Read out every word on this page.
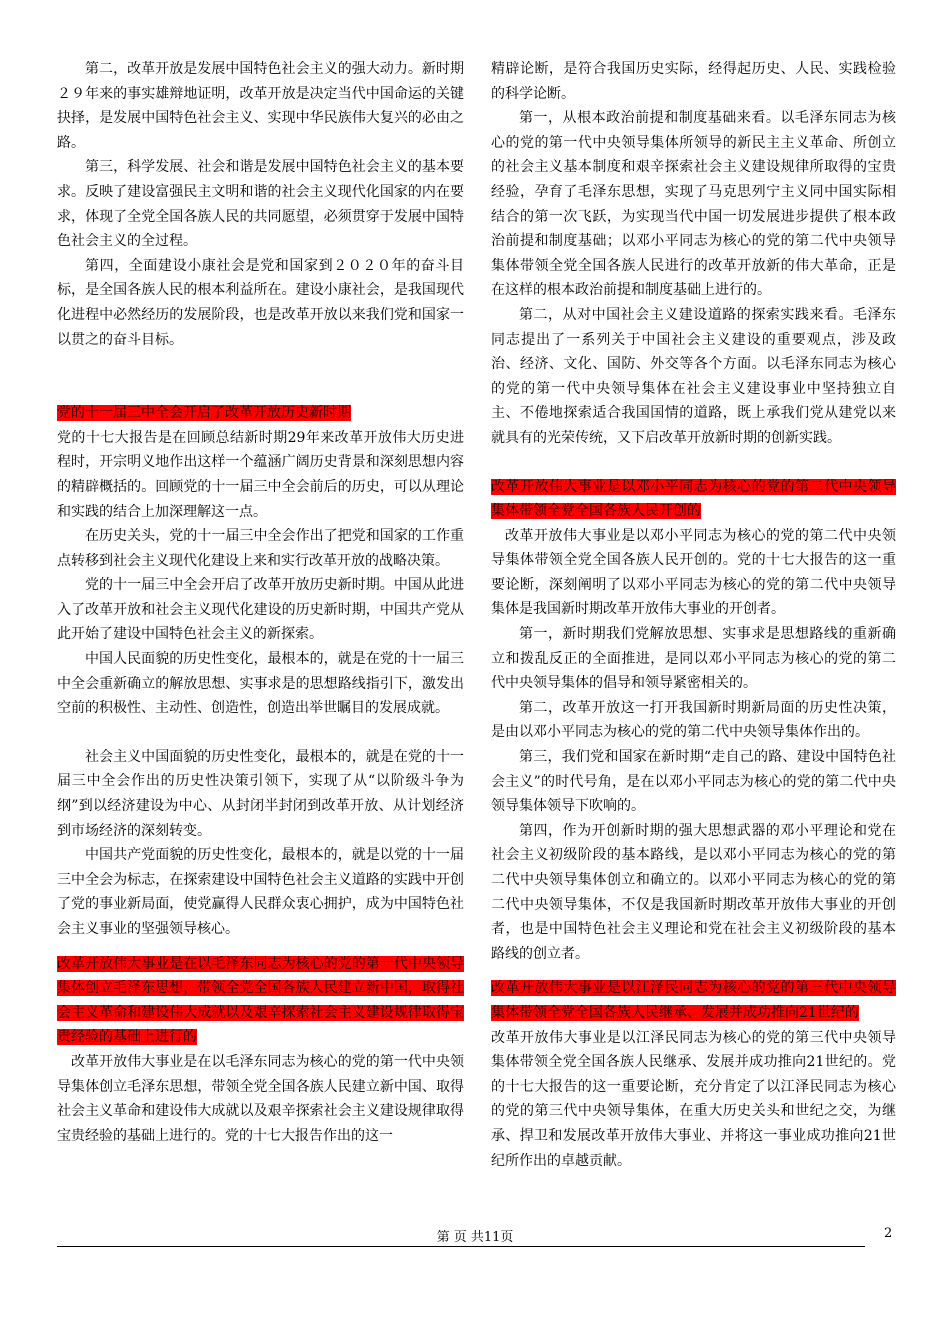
第二，改革开放是发展中国特色社会主义的强大动力。新时期２９年来的事实雄辩地证明，改革开放是决定当代中国命运的关键抉择，是发展中国特色社会主义、实现中华民族伟大复兴的必由之路。

第三，科学发展、社会和谐是发展中国特色社会主义的基本要求。反映了建设富强民主文明和谐的社会主义现代化国家的内在要求，体现了全党全国各族人民的共同愿望，必须贯穿于发展中国特色社会主义的全过程。

第四，全面建设小康社会是党和国家到２０２０年的奋斗目标，是全国各族人民的根本利益所在。建设小康社会，是我国现代化进程中必然经历的发展阶段，也是改革开放以来我们党和国家一以贯之的奋斗目标。

党的十一届三中全会开启了改革开放历史新时期

党的十七大报告是在回顾总结新时期29年来改革开放伟大历史进程时，开宗明义地作出这样一个蕴涵广阔历史背景和深刻思想内容的精辟概括的。回顾党的十一届三中全会前后的历史，可以从理论和实践的结合上加深理解这一点。

在历史关头，党的十一届三中全会作出了把党和国家的工作重点转移到社会主义现代化建设上来和实行改革开放的战略决策。

党的十一届三中全会开启了改革开放历史新时期。中国从此进入了改革开放和社会主义现代化建设的历史新时期，中国共产党从此开始了建设中国特色社会主义的新探索。

中国人民面貌的历史性变化，最根本的，就是在党的十一届三中全会重新确立的解放思想、实事求是的思想路线指引下，激发出空前的积极性、主动性、创造性，创造出举世瞩目的发展成就。

社会主义中国面貌的历史性变化，最根本的，就是在党的十一届三中全会作出的历史性决策引领下，实现了从“以阶级斗争为纲”到以经济建设为中心、从封闭半封闭到改革开放、从计划经济到市场经济的深刻转变。

中国共产党面貌的历史性变化，最根本的，就是以党的十一届三中全会为标志，在探索建设中国特色社会主义道路的实践中开创了党的事业新局面，使党赢得人民群众衷心拥护，成为中国特色社会主义事业的坚强领导核心。

改革开放伟大事业是在以毛泽东同志为核心的党的第一代中央领导集体创立毛泽东思想，带领全党全国各族人民建立新中国，取得社会主义革命和建设伟大成就以及艰辛探索社会主义建设规律取得宝贵经验的基础上进行的

改革开放伟大事业是在以毛泽东同志为核心的党的第一代中央领导集体创立毛泽东思想，带领全党全国各族人民建立新中国、取得社会主义革命和建设伟大成就以及艰辛探索社会主义建设规律取得宝贵经验的基础上进行的。党的十七大报告作出的这一

精辟论断，是符合我国历史实际，经得起历史、人民、实践检验的科学论断。

第一，从根本政治前提和制度基础来看。以毛泽东同志为核心的党的第一代中央领导集体所领导的新民主主义革命、所创立的社会主义基本制度和艰辛探索社会主义建设规律所取得的宝贵经验，孕育了毛泽东思想，实现了马克思列宁主义同中国实际相结合的第一次飞跃，为实现当代中国一切发展进步提供了根本政治前提和制度基础；以邓小平同志为核心的党的第二代中央领导集体带领全党全国各族人民进行的改革开放新的伟大革命，正是在这样的根本政治前提和制度基础上进行的。

第二，从对中国社会主义建设道路的探索实践来看。毛泽东同志提出了一系列关于中国社会主义建设的重要观点，涉及政治、经济、文化、国防、外交等各个方面。以毛泽东同志为核心的党的第一代中央领导集体在社会主义建设事业中坚持独立自主、不倦地探索适合我国国情的道路，既上承我们党从建党以来就具有的光荣传统，又下启改革开放新时期的创新实践。

改革开放伟大事业是以邓小平同志为核心的党的第二代中央领导集体带领全党全国各族人民开创的

改革开放伟大事业是以邓小平同志为核心的党的第二代中央领导集体带领全党全国各族人民开创的。党的十七大报告的这一重要论断，深刻阐明了以邓小平同志为核心的党的第二代中央领导集体是我国新时期改革开放伟大事业的开创者。

第一，新时期我们党解放思想、实事求是思想路线的重新确立和拨乱反正的全面推进，是同以邓小平同志为核心的党的第二代中央领导集体的倡导和领导紧密相关的。

第二，改革开放这一打开我国新时期新局面的历史性决策，是由以邓小平同志为核心的党的第二代中央领导集体作出的。

第三，我们党和国家在新时期“走自己的路、建设中国特色社会主义”的时代号角，是在以邓小平同志为核心的党的第二代中央领导集体领导下吹响的。

第四，作为开创新时期的强大思想武器的邓小平理论和党在社会主义初级阶段的基本路线，是以邓小平同志为核心的党的第二代中央领导集体创立和确立的。以邓小平同志为核心的党的第二代中央领导集体，不仅是我国新时期改革开放伟大事业的开创者，也是中国特色社会主义理论和党在社会主义初级阶段的基本路线的创立者。

改革开放伟大事业是以江泽民同志为核心的党的第三代中央领导集体带领全党全国各族人民继承、发展并成功推向21世纪的

改革开放伟大事业是以江泽民同志为核心的党的第三代中央领导集体带领全党全国各族人民继承、发展并成功推向21世纪的。党的十七大报告的这一重要论断，充分肯定了以江泽民同志为核心的党的第三代中央领导集体，在重大历史关头和世纪之交，为继承、捍卫和发展改革开放伟大事业、并将这一事业成功推向21世纪所作出的卓越贡献。

第 页 共11页	2
